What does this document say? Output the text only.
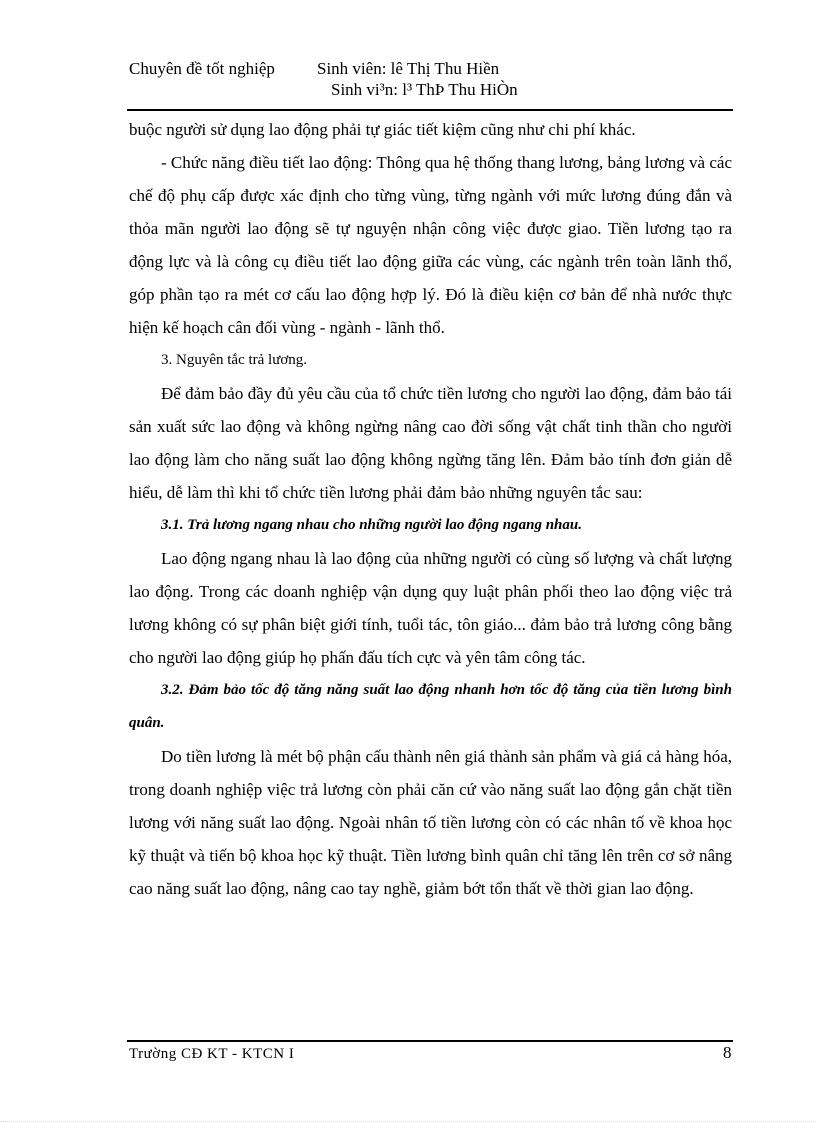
Chuyên đề tốt nghiệp Sinh viên: lê Thị Thu Hiền
Sinh vi³n: l³ ThÞ Thu HiÒn

buộc người sử dụng lao động phải tự giác tiết kiệm cũng như chi phí khác.

- Chức năng điều tiết lao động: Thông qua hệ thống thang lương, bảng lương và các chế độ phụ cấp được xác định cho từng vùng, từng ngành với mức lương đúng đắn và thỏa mãn người lao động sẽ tự nguyện nhận công việc được giao. Tiền lương tạo ra động lực và là công cụ điều tiết lao động giữa các vùng, các ngành trên toàn lãnh thổ, góp phần tạo ra mét cơ cấu lao động hợp lý. Đó là điều kiện cơ bản để nhà nước thực hiện kế hoạch cân đối vùng - ngành - lãnh thổ.

3. Nguyên tắc trả lương.

Để đảm bảo đầy đủ yêu cầu của tổ chức tiền lương cho người lao động, đảm bảo tái sản xuất sức lao động và không ngừng nâng cao đời sống vật chất tinh thần cho người lao động làm cho năng suất lao động không ngừng tăng lên. Đảm bảo tính đơn giản dễ hiểu, dễ làm thì khi tổ chức tiền lương phải đảm bảo những nguyên tắc sau:

3.1. Trả lương ngang nhau cho những người lao động ngang nhau.

Lao động ngang nhau là lao động của những người có cùng số lượng và chất lượng lao động. Trong các doanh nghiệp vận dụng quy luật phân phối theo lao động việc trả lương không có sự phân biệt giới tính, tuổi tác, tôn giáo... đảm bảo trả lương công bằng cho người lao động giúp họ phấn đấu tích cực và yên tâm công tác.

3.2. Đảm bảo tốc độ tăng năng suất lao động nhanh hơn tốc độ tăng của tiền lương bình quân.

Do tiền lương là mét bộ phận cấu thành nên giá thành sản phẩm và giá cả hàng hóa, trong doanh nghiệp việc trả lương còn phải căn cứ vào năng suất lao động gắn chặt tiền lương với năng suất lao động. Ngoài nhân tố tiền lương còn có các nhân tố về khoa học kỹ thuật và tiến bộ khoa học kỹ thuật. Tiền lương bình quân chỉ tăng lên trên cơ sở nâng cao năng suất lao động, nâng cao tay nghề, giảm bớt tổn thất về thời gian lao động.

Trường CĐ KT - KTCN I	8
